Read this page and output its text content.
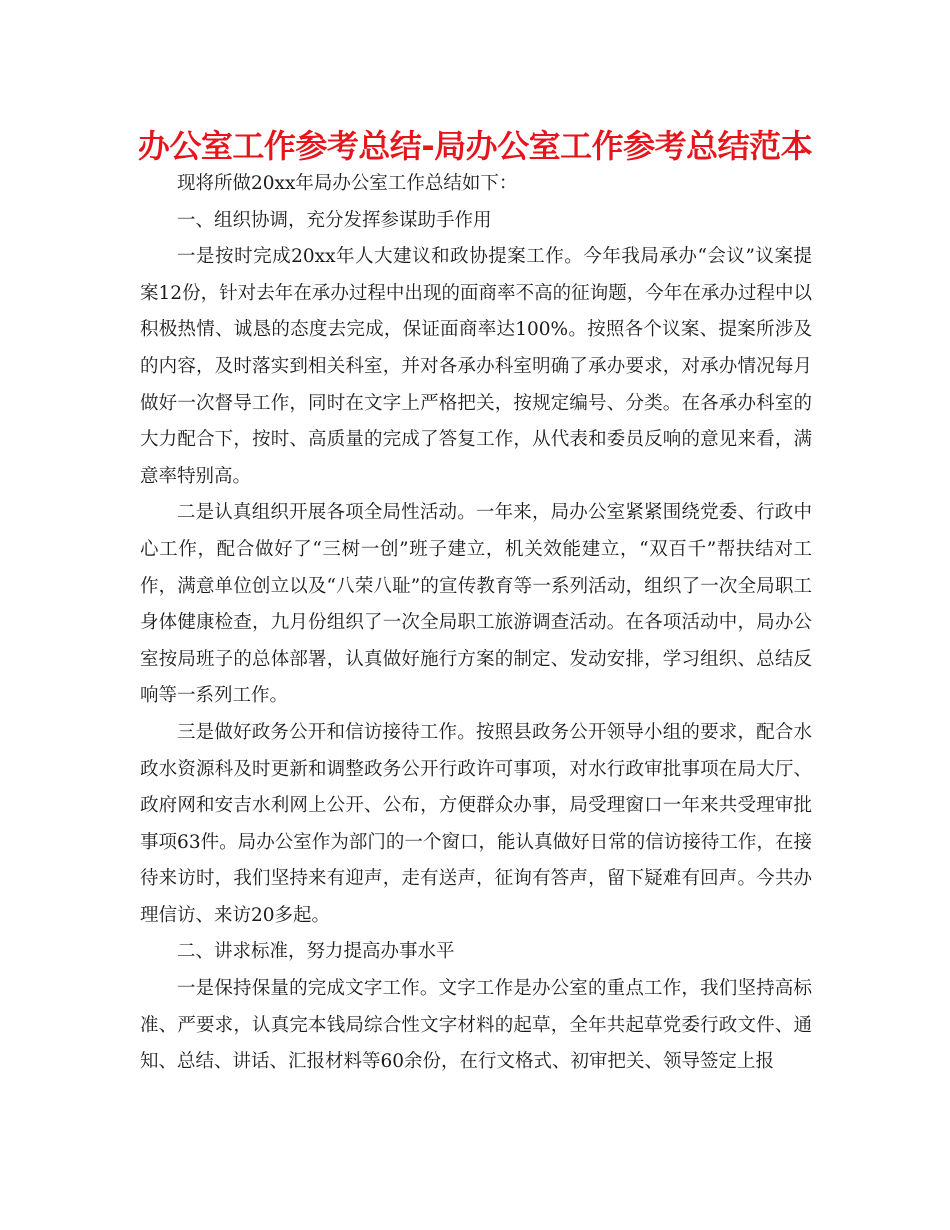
办公室工作参考总结-局办公室工作参考总结范本

现将所做20xx年局办公室工作总结如下：

一、组织协调，充分发挥参谋助手作用

一是按时完成20xx年人大建议和政协提案工作。今年我局承办“会议”议案提案12份，针对去年在承办过程中出现的面商率不高的征询题，今年在承办过程中以积极热情、诚恳的态度去完成，保证面商率达100%。按照各个议案、提案所涉及的内容，及时落实到相关科室，并对各承办科室明确了承办要求，对承办情况每月做好一次督导工作，同时在文字上严格把关，按规定编号、分类。在各承办科室的大力配合下，按时、高质量的完成了答复工作，从代表和委员反响的意见来看，满意率特别高。

二是认真组织开展各项全局性活动。一年来，局办公室紧紧围绕党委、行政中心工作，配合做好了“三树一创”班子建立，机关效能建立，“双百千”帮扶结对工作，满意单位创立以及“八荣八耻”的宣传教育等一系列活动，组织了一次全局职工身体健康检查，九月份组织了一次全局职工旅游调查活动。在各项活动中，局办公室按局班子的总体部署，认真做好施行方案的制定、发动安排，学习组织、总结反响等一系列工作。

三是做好政务公开和信访接待工作。按照县政务公开领导小组的要求，配合水政水资源科及时更新和调整政务公开行政许可事项，对水行政审批事项在局大厅、政府网和安吉水利网上公开、公布，方便群众办事，局受理窗口一年来共受理审批事项63件。局办公室作为部门的一个窗口，能认真做好日常的信访接待工作，在接待来访时，我们坚持来有迎声，走有送声，征询有答声，留下疑难有回声。今共办理信访、来访20多起。

二、讲求标准，努力提高办事水平

一是保持保量的完成文字工作。文字工作是办公室的重点工作，我们坚持高标准、严要求，认真完本钱局综合性文字材料的起草，全年共起草党委行政文件、通知、总结、讲话、汇报材料等60余份，在行文格式、初审把关、领导签定上报
